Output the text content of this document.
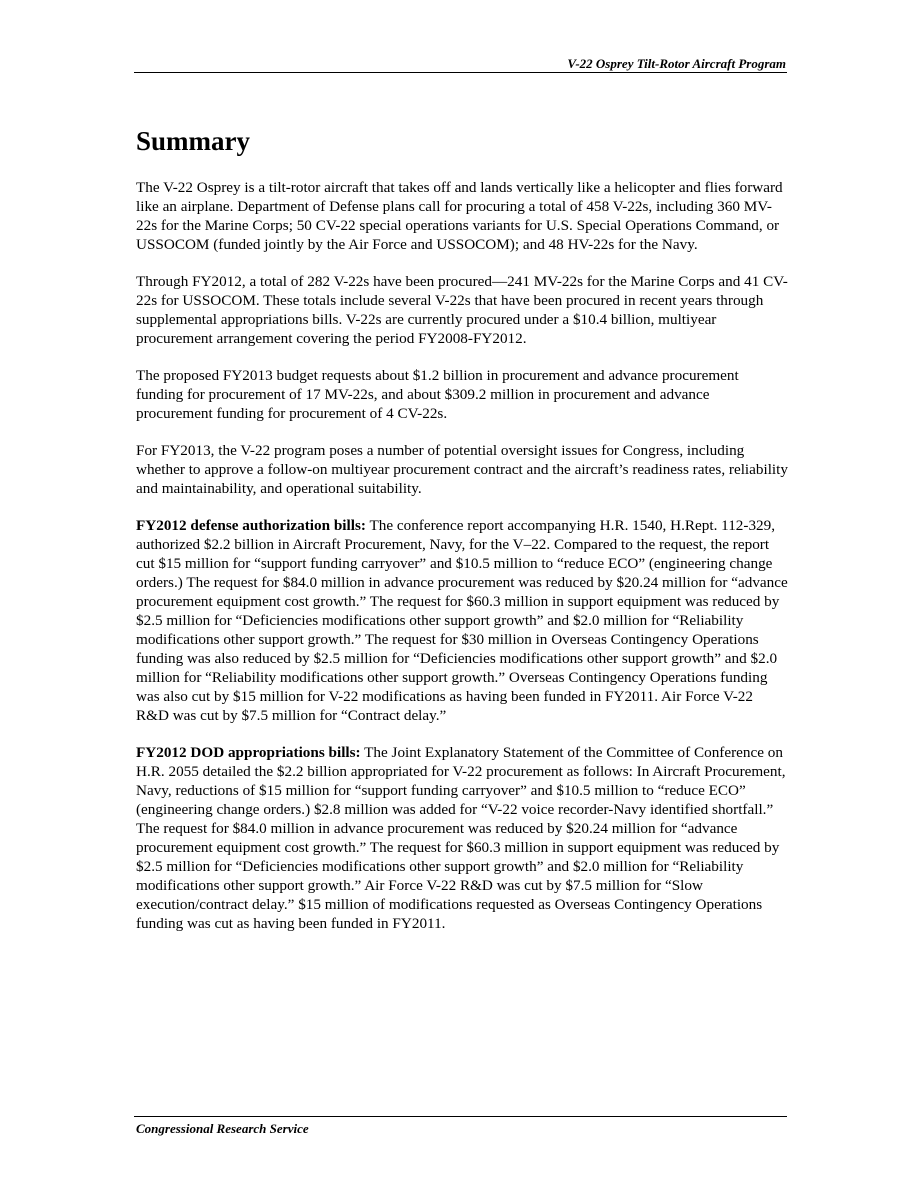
V-22 Osprey Tilt-Rotor Aircraft Program
Summary

The V-22 Osprey is a tilt-rotor aircraft that takes off and lands vertically like a helicopter and flies forward like an airplane. Department of Defense plans call for procuring a total of 458 V-22s, including 360 MV-22s for the Marine Corps; 50 CV-22 special operations variants for U.S. Special Operations Command, or USSOCOM (funded jointly by the Air Force and USSOCOM); and 48 HV-22s for the Navy.

Through FY2012, a total of 282 V-22s have been procured—241 MV-22s for the Marine Corps and 41 CV-22s for USSOCOM. These totals include several V-22s that have been procured in recent years through supplemental appropriations bills. V-22s are currently procured under a $10.4 billion, multiyear procurement arrangement covering the period FY2008-FY2012.

The proposed FY2013 budget requests about $1.2 billion in procurement and advance procurement funding for procurement of 17 MV-22s, and about $309.2 million in procurement and advance procurement funding for procurement of 4 CV-22s.

For FY2013, the V-22 program poses a number of potential oversight issues for Congress, including whether to approve a follow-on multiyear procurement contract and the aircraft’s readiness rates, reliability and maintainability, and operational suitability.

FY2012 defense authorization bills: The conference report accompanying H.R. 1540, H.Rept. 112-329, authorized $2.2 billion in Aircraft Procurement, Navy, for the V–22. Compared to the request, the report cut $15 million for “support funding carryover” and $10.5 million to “reduce ECO” (engineering change orders.) The request for $84.0 million in advance procurement was reduced by $20.24 million for “advance procurement equipment cost growth.” The request for $60.3 million in support equipment was reduced by $2.5 million for “Deficiencies modifications other support growth” and $2.0 million for “Reliability modifications other support growth.” The request for $30 million in Overseas Contingency Operations funding was also reduced by $2.5 million for “Deficiencies modifications other support growth” and $2.0 million for “Reliability modifications other support growth.” Overseas Contingency Operations funding was also cut by $15 million for V-22 modifications as having been funded in FY2011. Air Force V-22 R&D was cut by $7.5 million for “Contract delay.”

FY2012 DOD appropriations bills: The Joint Explanatory Statement of the Committee of Conference on H.R. 2055 detailed the $2.2 billion appropriated for V-22 procurement as follows: In Aircraft Procurement, Navy, reductions of $15 million for “support funding carryover” and $10.5 million to “reduce ECO” (engineering change orders.) $2.8 million was added for “V-22 voice recorder-Navy identified shortfall.” The request for $84.0 million in advance procurement was reduced by $20.24 million for “advance procurement equipment cost growth.” The request for $60.3 million in support equipment was reduced by $2.5 million for “Deficiencies modifications other support growth” and $2.0 million for “Reliability modifications other support growth.” Air Force V-22 R&D was cut by $7.5 million for “Slow execution/contract delay.” $15 million of modifications requested as Overseas Contingency Operations funding was cut as having been funded in FY2011.

Congressional Research Service
